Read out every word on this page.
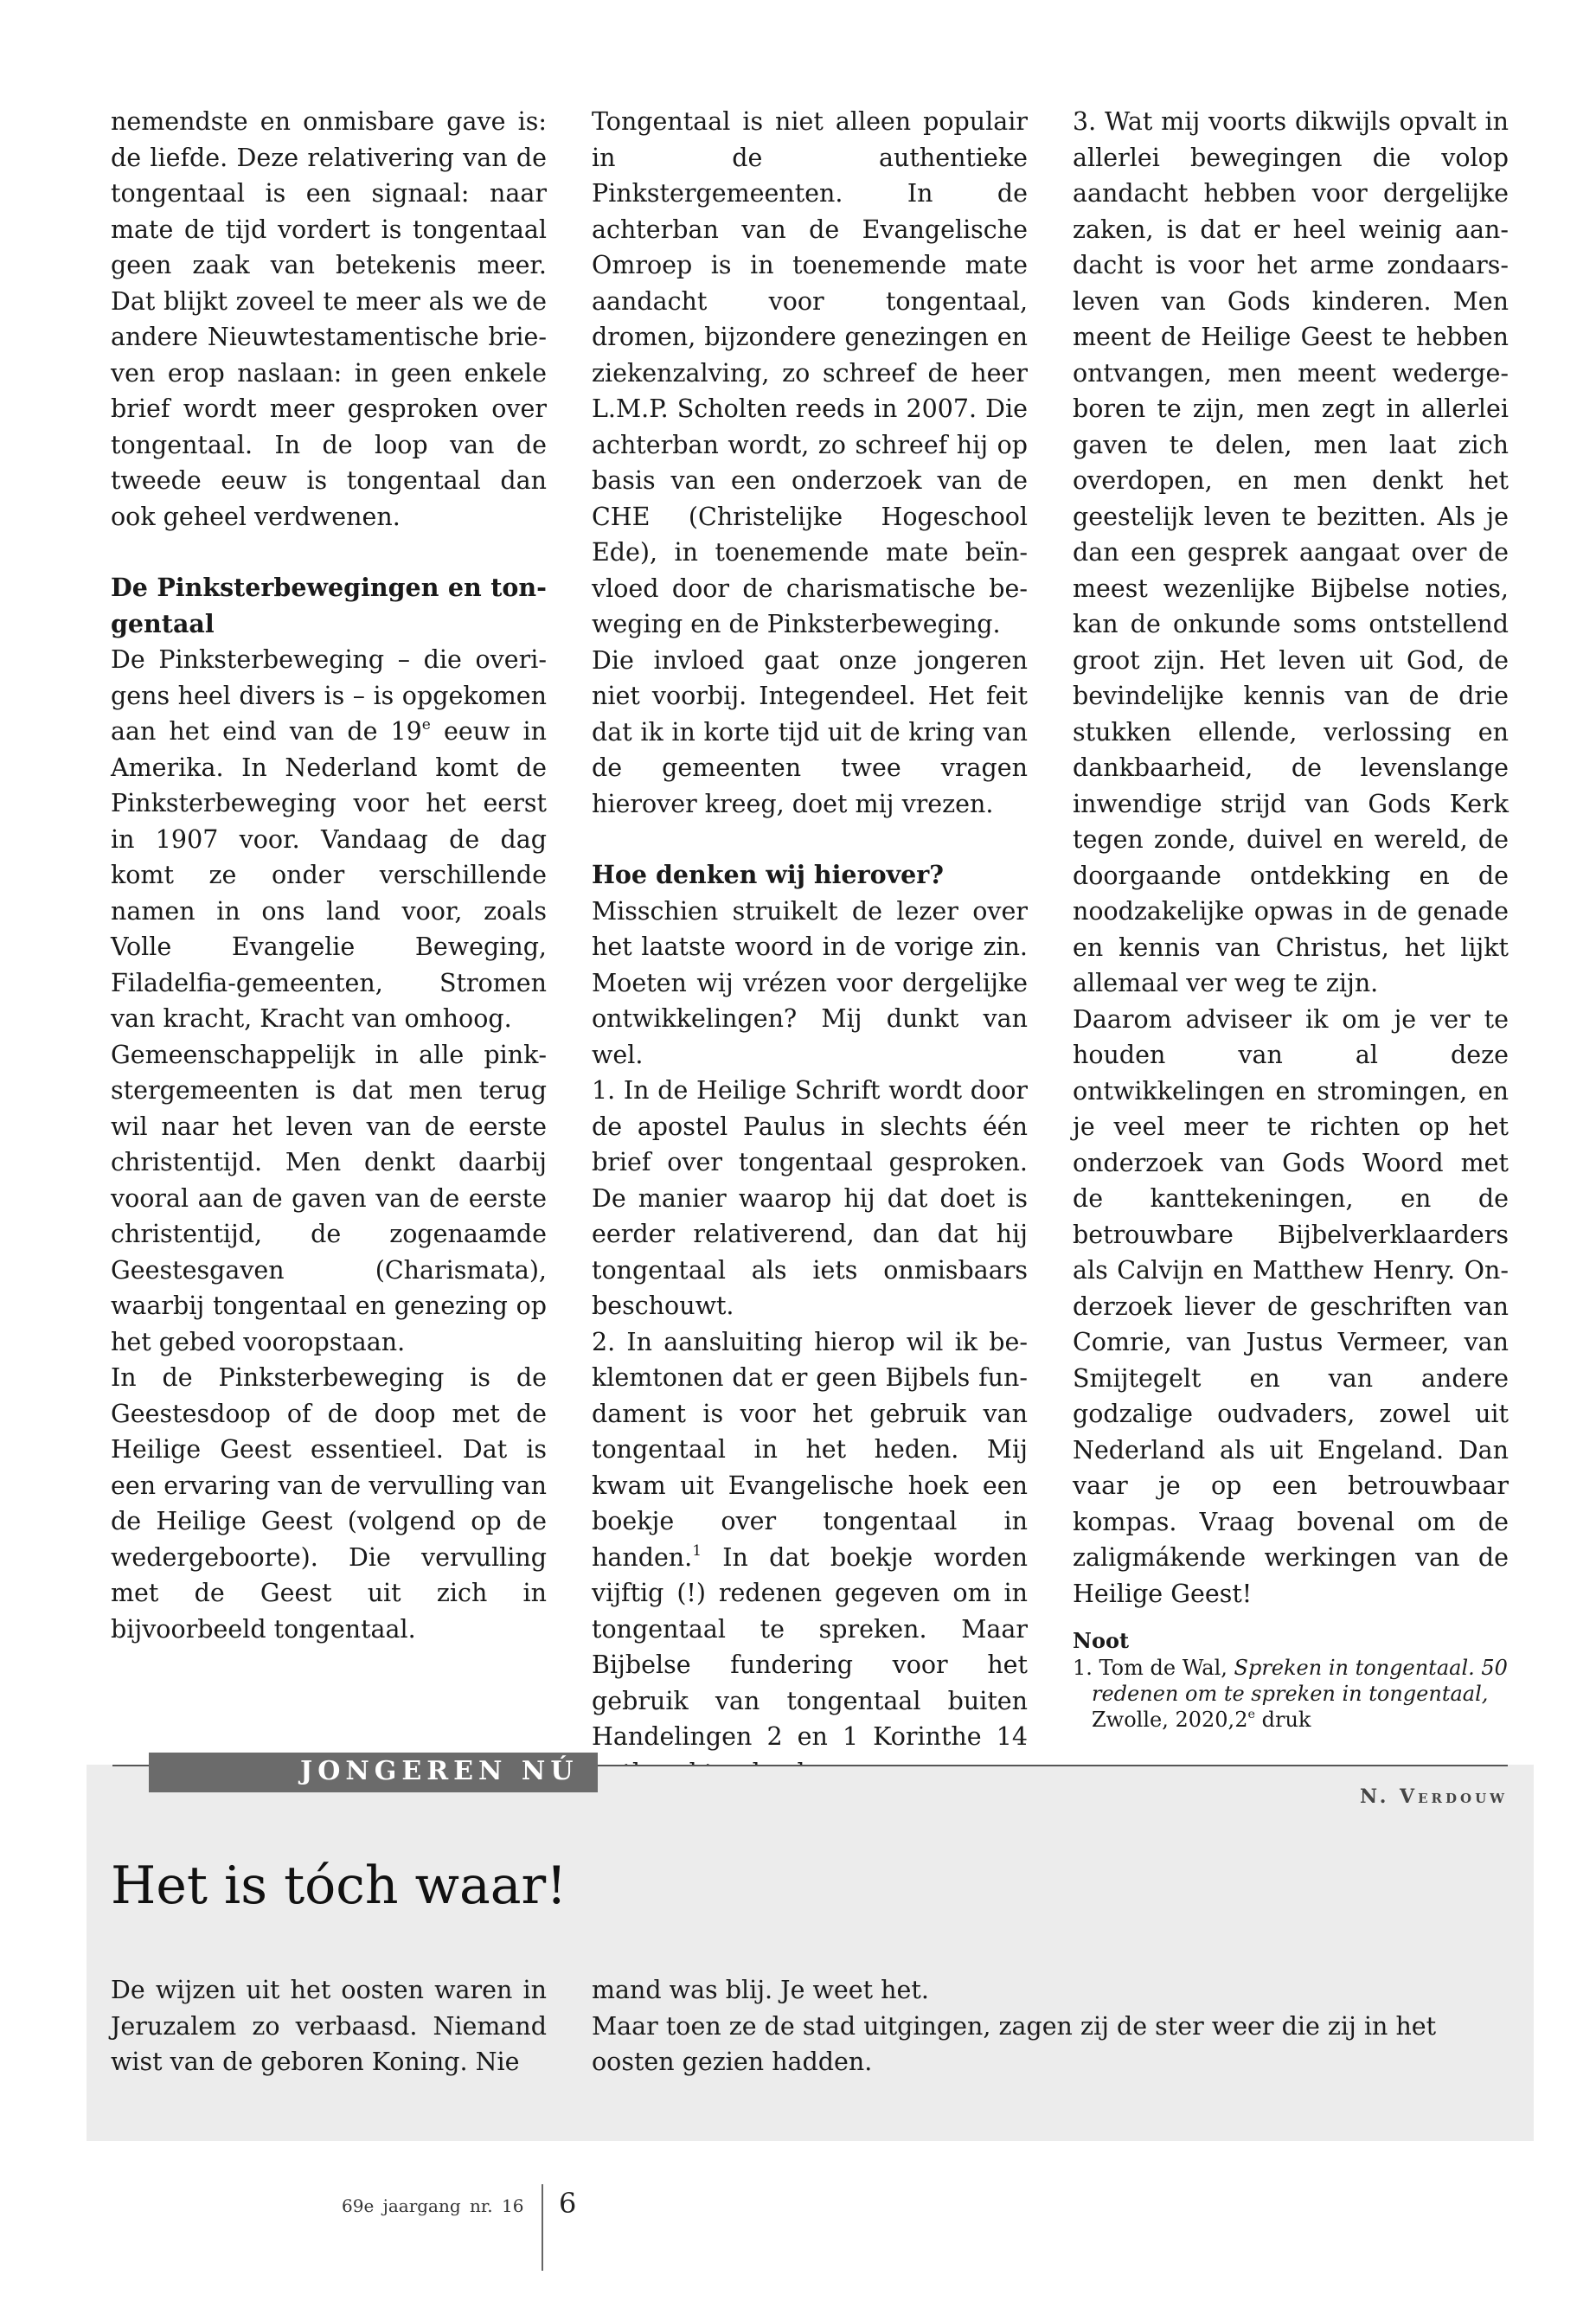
nemendste en onmisbare gave is: de liefde. Deze relativering van de tongentaal is een signaal: naar mate de tijd vordert is tongentaal geen zaak van betekenis meer. Dat blijkt zoveel te meer als we de andere Nieuwtestamentische brieven erop naslaan: in geen enkele brief wordt meer gesproken over tongentaal. In de loop van de tweede eeuw is tongentaal dan ook geheel verdwenen.

De Pinksterbewegingen en tongentaal

De Pinksterbeweging – die overigens heel divers is – is opgekomen aan het eind van de 19e eeuw in Amerika. In Nederland komt de Pinksterbeweging voor het eerst in 1907 voor. Vandaag de dag komt ze onder verschillende namen in ons land voor, zoals Volle Evangelie Beweging, Filadelfia-gemeenten, Stromen van kracht, Kracht van omhoog.

Gemeenschappelijk in alle pinkstergemeenten is dat men terug wil naar het leven van de eerste christentijd. Men denkt daarbij vooral aan de gaven van de eerste christentijd, de zogenaamde Geestesgaven (Charismata), waarbij tongentaal en genezing op het gebed vooropstaan.

In de Pinksterbeweging is de Geestesdoop of de doop met de Heilige Geest essentieel. Dat is een ervaring van de vervulling van de Heilige Geest (volgend op de wedergeboorte). Die vervulling met de Geest uit zich in bijvoorbeeld tongentaal.

Tongentaal is niet alleen populair in de authentieke Pinkstergemeenten. In de achterban van de Evangelische Omroep is in toenemende mate aandacht voor tongentaal, dromen, bijzondere genezingen en ziekenzalving, zo schreef de heer L.M.P. Scholten reeds in 2007. Die achterban wordt, zo schreef hij op basis van een onderzoek van de CHE (Christelijke Hogeschool Ede), in toenemende mate beïnvloed door de charismatische beweging en de Pinksterbeweging.

Die invloed gaat onze jongeren niet voorbij. Integendeel. Het feit dat ik in korte tijd uit de kring van de gemeenten twee vragen hierover kreeg, doet mij vrezen.

Hoe denken wij hierover?

Misschien struikelt de lezer over het laatste woord in de vorige zin. Moeten wij vrézen voor dergelijke ontwikkelingen? Mij dunkt van wel.

1. In de Heilige Schrift wordt door de apostel Paulus in slechts één brief over tongentaal gesproken. De manier waarop hij dat doet is eerder relativerend, dan dat hij tongentaal als iets onmisbaars beschouwt.

2. In aansluiting hierop wil ik beklemtonen dat er geen Bijbels fundament is voor het gebruik van tongentaal in het heden. Mij kwam uit Evangelische hoek een boekje over tongentaal in handen.$^1$ In dat boekje worden vijftig (!) redenen gegeven om in tongentaal te spreken. Maar Bijbelse fundering voor het gebruik van tongentaal buiten Handelingen 2 en 1 Korinthe 14

3. Wat mij voorts dikwijls opvalt in allerlei bewegingen die volop aandacht hebben voor dergelijke zaken, is dat er heel weinig aandacht is voor het arme zondaarsleven van Gods kinderen. Men meent de Heilige Geest te hebben ontvangen, men meent wedergeboren te zijn, men zegt in allerlei gaven te delen, men laat zich overdopen, en men denkt het geestelijk leven te bezitten. Als je dan een gesprek aangaat over de meest wezenlijke Bijbelse noties, kan de onkunde soms ontstellend groot zijn. Het leven uit God, de bevindelijke kennis van de drie stukken ellende, verlossing en dankbaarheid, de levenslange inwendige strijd van Gods Kerk tegen zonde, duivel en wereld, de doorgaande ontdekking en de noodzakelijke opwas in de genade en kennis van Christus, het lijkt allemaal ver weg te zijn.

Daarom adviseer ik om je ver te houden van al deze ontwikkelingen en stromingen, en je veel meer te richten op het onderzoek van Gods Woord met de kanttekeningen, en de betrouwbare Bijbelverklaarders als Calvijn en Matthew Henry. Onderzoek liever de geschriften van Comrie, van Justus Vermeer, van Smijtegelt en van andere godzalige oudvaders, zowel uit Nederland als uit Engeland. Dan vaar je op een betrouwbaar kompas. Vraag bovenal om de zaligmákende werkingen van de Heilige Geest!

Noot

1. Tom de Wal, Spreken in tongentaal. 50 redenen om te spreken in tongentaal, Zwolle, 2020,2e druk

JONGEREN NÚ
N. Verdouw
Het is tóch waar!

De wijzen uit het oosten waren in Jeruzalem zo verbaasd. Niemand wist van de geboren Koning. Nie

mand was blij. Je weet het.

Maar toen ze de stad uitgingen, zagen zij de ster weer die zij in het oosten gezien hadden.

69e jaargang nr. 16 6
